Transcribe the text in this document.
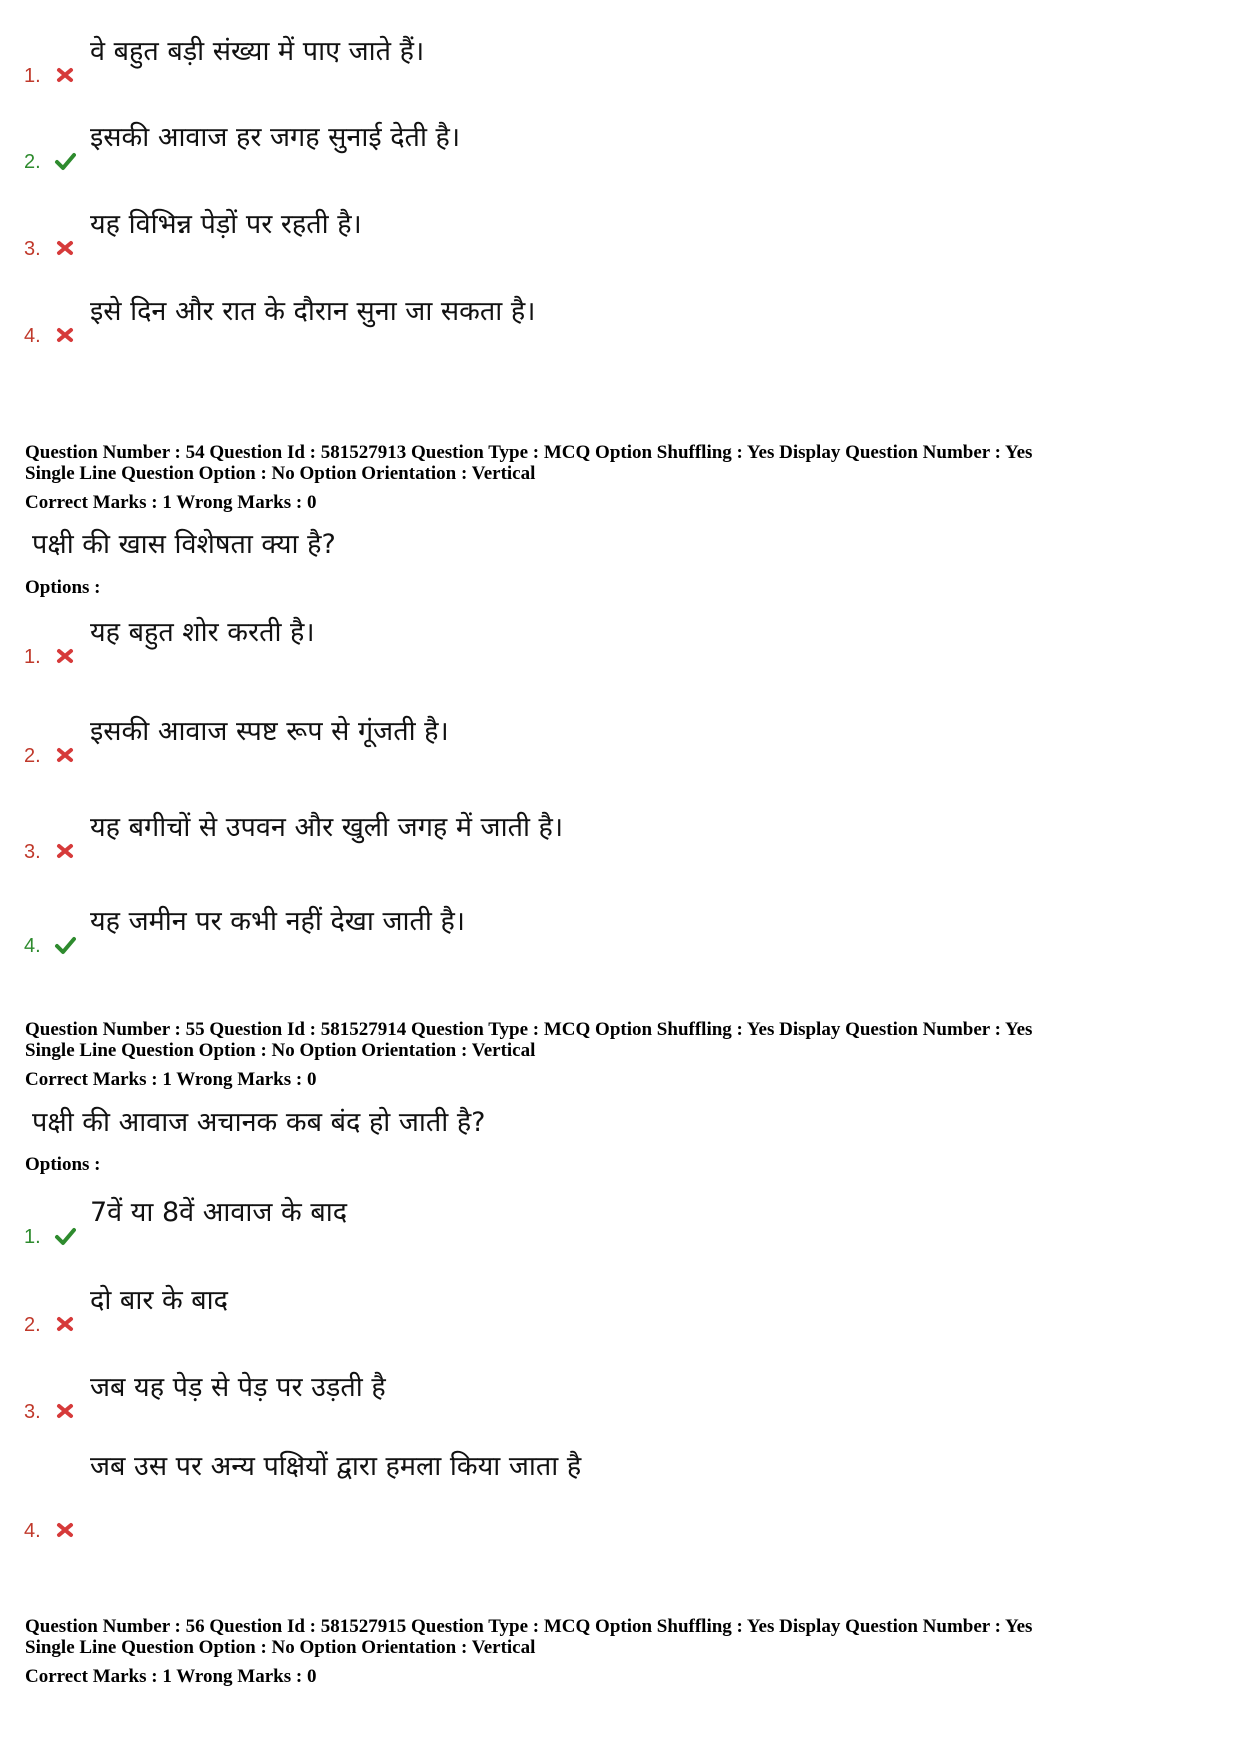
1.
वे बहुत बड़ी संख्या में पाए जाते हैं।
2.
इसकी आवाज हर जगह सुनाई देती है।
3.
यह विभिन्न पेड़ों पर रहती है।
4.
इसे दिन और रात के दौरान सुना जा सकता है।
Question Number : 54 Question Id : 581527913 Question Type : MCQ Option Shuffling : Yes Display Question Number : Yes
Single Line Question Option : No Option Orientation : Vertical
Correct Marks : 1 Wrong Marks : 0
पक्षी की खास विशेषता क्या है?
Options :
1.
यह बहुत शोर करती है।
2.
इसकी आवाज स्पष्ट रूप से गूंजती है।
3.
यह बगीचों से उपवन और खुली जगह में जाती है।
4.
यह जमीन पर कभी नहीं देखा जाती है।
Question Number : 55 Question Id : 581527914 Question Type : MCQ Option Shuffling : Yes Display Question Number : Yes
Single Line Question Option : No Option Orientation : Vertical
Correct Marks : 1 Wrong Marks : 0
पक्षी की आवाज अचानक कब बंद हो जाती है?
Options :
1.
7वें या 8वें आवाज के बाद
2.
दो बार के बाद
3.
जब यह पेड़ से पेड़ पर उड़ती है
4.
जब उस पर अन्य पक्षियों द्वारा हमला किया जाता है
Question Number : 56 Question Id : 581527915 Question Type : MCQ Option Shuffling : Yes Display Question Number : Yes
Single Line Question Option : No Option Orientation : Vertical
Correct Marks : 1 Wrong Marks : 0
